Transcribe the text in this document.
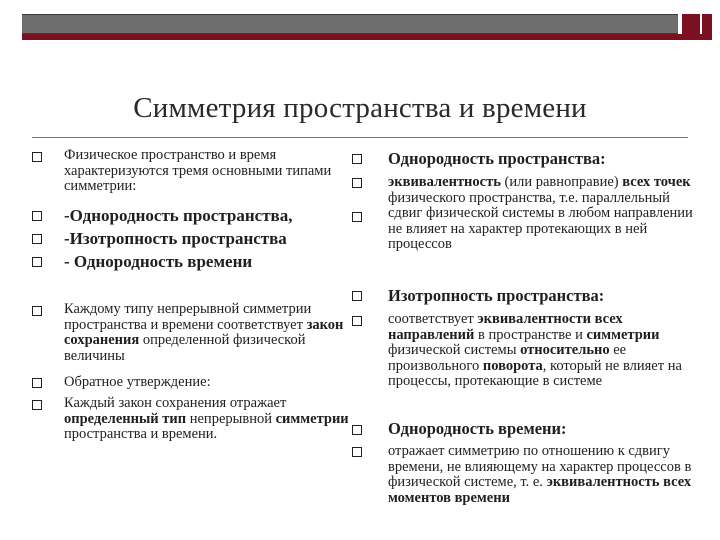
Симметрия пространства и времени
Физическое пространство и время характеризуются тремя основными типами симметрии:
-Однородность пространства,
-Изотропность пространства
- Однородность времени
Каждому типу непрерывной симметрии пространства и времени соответствует закон сохранения определенной физической величины
Обратное утверждение:
Каждый закон сохранения отражает определенный тип непрерывной симметрии пространства и времени.
Однородность пространства:
эквивалентность (или равноправие) всех точек физического пространства, т.е. параллельный сдвиг физической системы в любом направлении не влияет на характер протекающих в ней процессов
Изотропность пространства:
соответствует эквивалентности всех направлений в пространстве и симметрии физической системы относительно ее произвольного поворота, который не влияет на процессы, протекающие в системе
Однородность времени:
отражает симметрию по отношению к сдвигу времени, не влияющему на характер процессов в физической системе, т. е. эквивалентность всех моментов времени
